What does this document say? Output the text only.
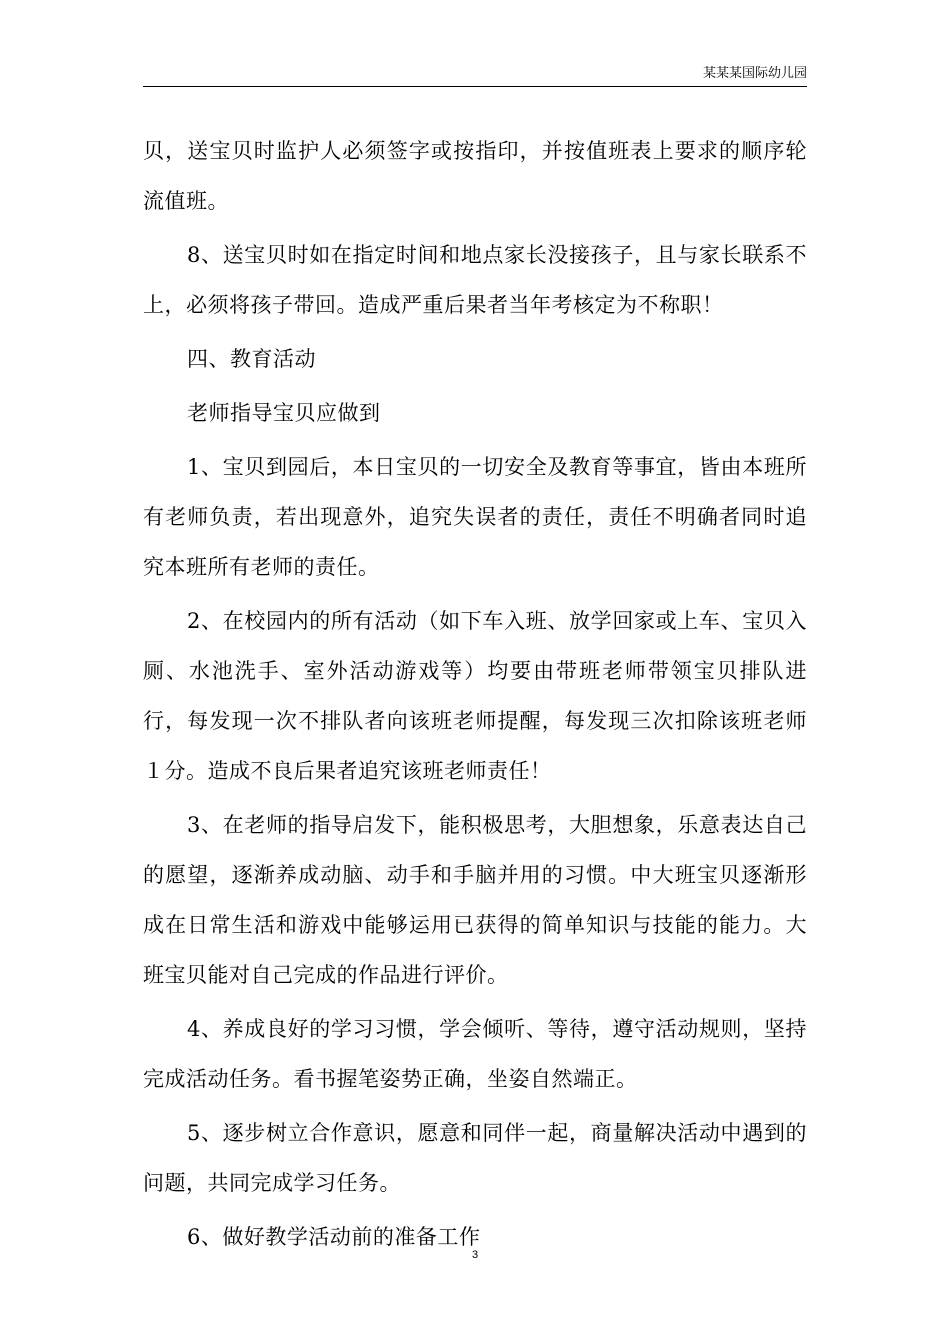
某某某国际幼儿园

贝，送宝贝时监护人必须签字或按指印，并按值班表上要求的顺序轮流值班。

8、送宝贝时如在指定时间和地点家长没接孩子，且与家长联系不上，必须将孩子带回。造成严重后果者当年考核定为不称职！

四、教育活动

老师指导宝贝应做到

1、宝贝到园后，本日宝贝的一切安全及教育等事宜，皆由本班所有老师负责，若出现意外，追究失误者的责任，责任不明确者同时追究本班所有老师的责任。

2、在校园内的所有活动（如下车入班、放学回家或上车、宝贝入厕、水池洗手、室外活动游戏等）均要由带班老师带领宝贝排队进行，每发现一次不排队者向该班老师提醒，每发现三次扣除该班老师１分。造成不良后果者追究该班老师责任！

3、在老师的指导启发下，能积极思考，大胆想象，乐意表达自己的愿望，逐渐养成动脑、动手和手脑并用的习惯。中大班宝贝逐渐形成在日常生活和游戏中能够运用已获得的简单知识与技能的能力。大班宝贝能对自己完成的作品进行评价。

4、养成良好的学习习惯，学会倾听、等待，遵守活动规则，坚持完成活动任务。看书握笔姿势正确，坐姿自然端正。

5、逐步树立合作意识，愿意和同伴一起，商量解决活动中遇到的问题，共同完成学习任务。

6、做好教学活动前的准备工作

3
